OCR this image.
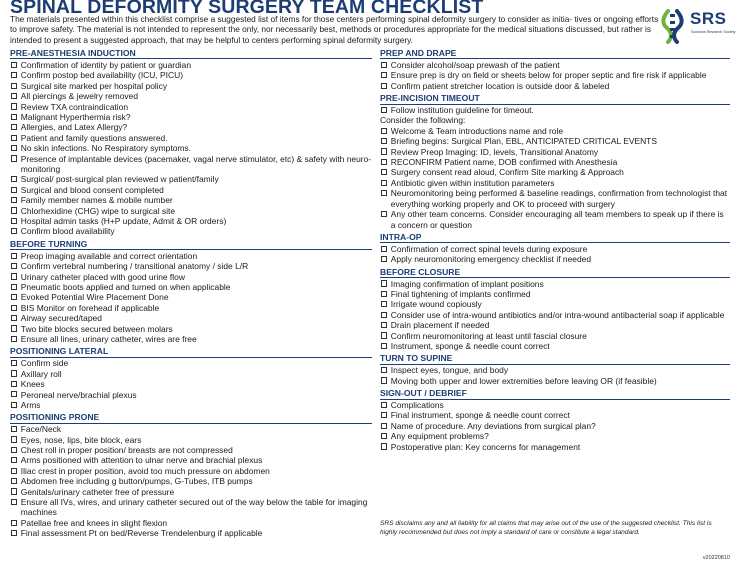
SPINAL DEFORMITY SURGERY TEAM CHECKLIST

The materials presented within this checklist comprise a suggested list of items for those centers performing spinal deformity surgery to consider as initia- tives or ongoing efforts to improve safety. The material is not intended to represent the only, nor necessarily best, methods or procedures appropriate for the medical situations discussed, but rather is intended to present a suggested approach, that may be helpful to centers performing spinal deformity surgery.

SRS
Scoliosis Research Society
PRE-ANESTHESIA INDUCTION
Confirmation of identity by patient or guardian
Confirm postop bed availability (ICU, PICU)
Surgical site marked per hospital policy
All piercings & jewelry removed
Review TXA contraindication
Malignant Hyperthermia risk?
Allergies, and Latex Allergy?
Patient and family questions answered.
No skin infections. No Respiratory symptoms.
Presence of implantable devices (pacemaker, vagal nerve stimulator, etc) & safety with neuro-monitoring
Surgical/ post-surgical plan reviewed w patient/family
Surgical and blood consent completed
Family member names & mobile number
Chlorhexidine (CHG) wipe to surgical site
Hospital admin tasks (H+P update, Admit & OR orders)
Confirm blood availability
BEFORE TURNING
Preop imaging available and correct orientation
Confirm vertebral numbering / transitional anatomy / side L/R
Urinary catheter placed with good urine flow
Pneumatic boots applied and turned on when applicable
Evoked Potential Wire Placement Done
BIS Monitor on forehead if applicable
Airway secured/taped
Two bite blocks secured between molars
Ensure all lines, urinary catheter, wires are free
POSITIONING LATERAL
Confirm side
Axillary roll
Knees
Peroneal nerve/brachial plexus
Arms
POSITIONING PRONE
Face/Neck
Eyes, nose, lips, bite block, ears
Chest roll in proper position/ breasts are not compressed
Arms positioned with attention to ulnar nerve and brachial plexus
Iliac crest in proper position, avoid too much pressure on abdomen
Abdomen free including g button/pumps, G-Tubes, ITB pumps
Genitals/urinary catheter free of pressure
Ensure all IVs, wires, and urinary catheter secured out of the way below the table for imaging machines
Patellae free and knees in slight flexion
Final assessment Pt on bed/Reverse Trendelenburg if applicable
PREP AND DRAPE
Consider alcohol/soap prewash of the patient
Ensure prep is dry on field or sheets below for proper septic and fire risk if applicable
Confirm patient stretcher location is outside door & labeled
PRE-INCISION TIMEOUT
Follow institution guideline for timeout.
Consider the following:
Welcome & Team introductions name and role
Briefing begins: Surgical Plan, EBL, ANTICIPATED CRITICAL EVENTS
Review Preop Imaging: ID, levels, Transitional Anatomy
RECONFIRM Patient name, DOB confirmed with Anesthesia
Surgery consent read aloud, Confirm Site marking & Approach
Antibiotic given within institution parameters
Neuromonitoring being performed & baseline readings, confirmation from technologist that everything working properly and OK to proceed with surgery
Any other team concerns. Consider encouraging all team members to speak up if there is a concern or question
INTRA-OP
Confirmation of correct spinal levels during exposure
Apply neuromonitoring emergency checklist if needed
BEFORE CLOSURE
Imaging confirmation of implant positions
Final tightening of implants confirmed
Irrigate wound copiously
Consider use of intra-wound antibiotics and/or intra-wound antibacterial soap if applicable
Drain placement if needed
Confirm neuromonitoring at least until fascial closure
Instrument, sponge & needle count correct
TURN TO SUPINE
Inspect eyes, tongue, and body
Moving both upper and lower extremities before leaving OR (if feasible)
SIGN-OUT / DEBRIEF
Complications
Final instrument, sponge & needle count correct
Name of procedure. Any deviations from surgical plan?
Any equipment problems?
Postoperative plan: Key concerns for management

SRS disclaims any and all liability for all claims that may arise out of the use of the suggested checklist. This list is highly recommended but does not imply a standard of care or constitute a legal standard.

v20220810
